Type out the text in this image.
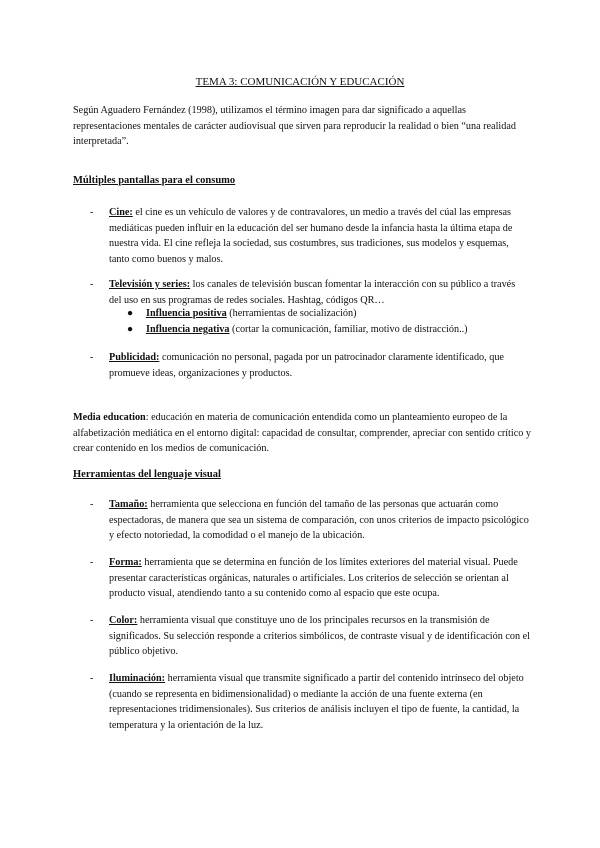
TEMA 3: COMUNICACIÓN Y EDUCACIÓN

Según Aguadero Fernández (1998), utilizamos el término imagen para dar significado a aquellas representaciones mentales de carácter audiovisual que sirven para reproducir la realidad o bien “una realidad interpretada”.

Múltiples pantallas para el consumo
- Cine: el cine es un vehículo de valores y de contravalores, un medio a través del cúal las empresas mediáticas pueden influir en la educación del ser humano desde la infancia hasta la última etapa de nuestra vida. El cine refleja la sociedad, sus costumbres, sus tradiciones, sus modelos y esquemas, tanto como buenos y malos.
- Televisión y series: los canales de televisión buscan fomentar la interacción con su público a través del uso en sus programas de redes sociales. Hashtag, códigos QR…
● Influencia positiva (herramientas de socialización)
● Influencia negativa (cortar la comunicación, familiar, motivo de distracción..)
- Publicidad: comunicación no personal, pagada por un patrocinador claramente identificado, que promueve ideas, organizaciones y productos.

Media education: educación en materia de comunicación entendida como un planteamiento europeo de la alfabetización mediática en el entorno digital: capacidad de consultar, comprender, apreciar con sentido crítico y crear contenido en los medios de comunicación.

Herramientas del lenguaje visual
- Tamaño: herramienta que selecciona en función del tamaño de las personas que actuarán como espectadoras, de manera que sea un sistema de comparación, con unos criterios de impacto psicológico y efecto notoriedad, la comodidad o el manejo de la ubicación.
- Forma: herramienta que se determina en función de los límites exteriores del material visual. Puede presentar características orgánicas, naturales o artificiales. Los criterios de selección se orientan al producto visual, atendiendo tanto a su contenido como al espacio que este ocupa.
- Color: herramienta visual que constituye uno de los principales recursos en la transmisión de significados. Su selección responde a criterios simbólicos, de contraste visual y de identificación con el público objetivo.
- Iluminación: herramienta visual que transmite significado a partir del contenido intrínseco del objeto (cuando se representa en bidimensionalidad) o mediante la acción de una fuente externa (en representaciones tridimensionales). Sus criterios de análisis incluyen el tipo de fuente, la cantidad, la temperatura y la orientación de la luz.
